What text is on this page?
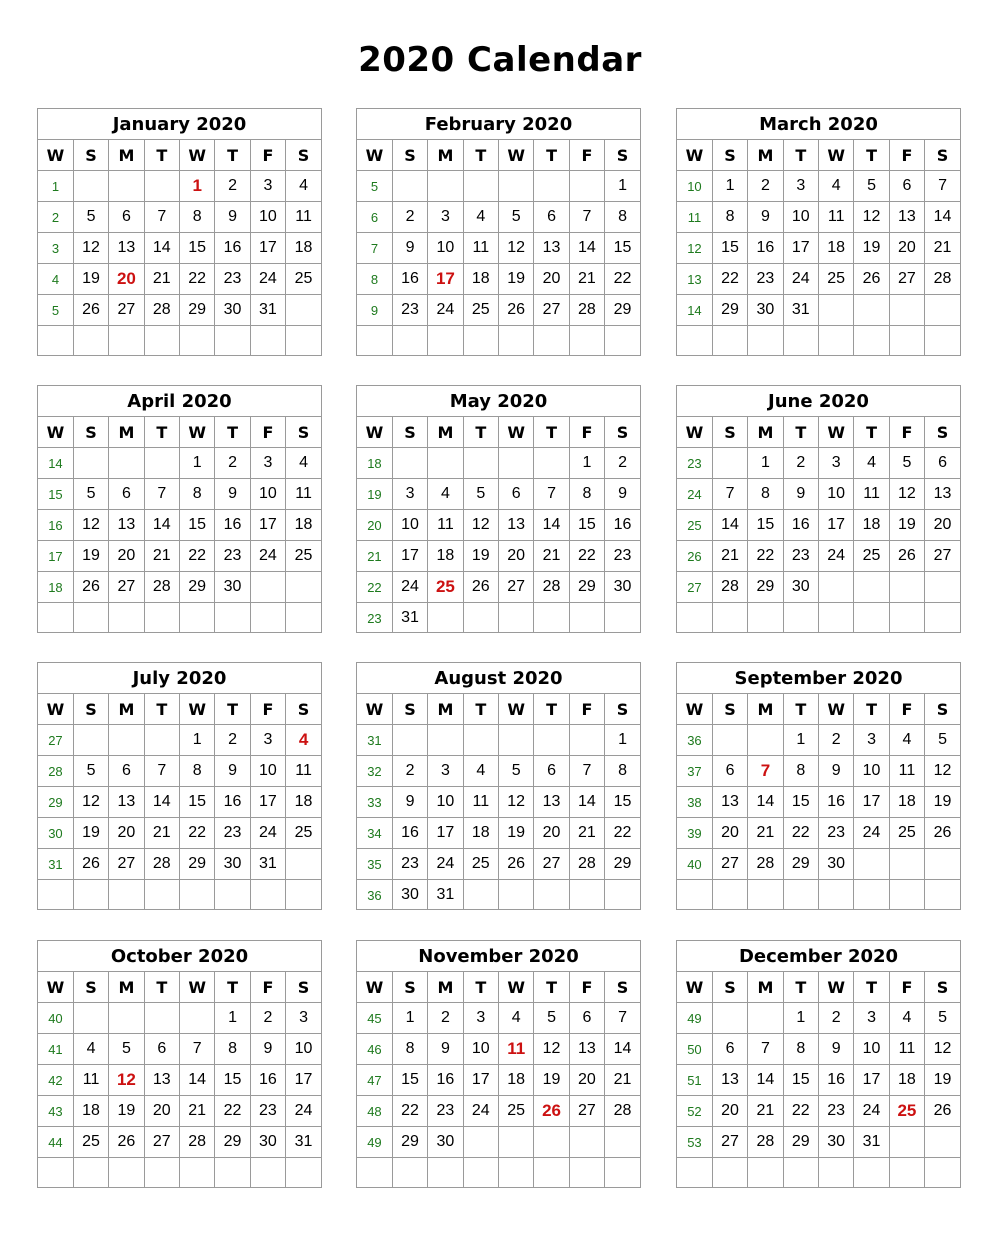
2020 Calendar
January 2020
W	S	M	T	W	T	F	S
1				1	2	3	4
2	5	6	7	8	9	10	11
3	12	13	14	15	16	17	18
4	19	20	21	22	23	24	25
5	26	27	28	29	30	31	

February 2020
W	S	M	T	W	T	F	S
5							1
6	2	3	4	5	6	7	8
7	9	10	11	12	13	14	15
8	16	17	18	19	20	21	22
9	23	24	25	26	27	28	29

March 2020
W	S	M	T	W	T	F	S
10	1	2	3	4	5	6	7
11	8	9	10	11	12	13	14
12	15	16	17	18	19	20	21
13	22	23	24	25	26	27	28
14	29	30	31				

April 2020
W	S	M	T	W	T	F	S
14				1	2	3	4
15	5	6	7	8	9	10	11
16	12	13	14	15	16	17	18
17	19	20	21	22	23	24	25
18	26	27	28	29	30		

May 2020
W	S	M	T	W	T	F	S
18						1	2
19	3	4	5	6	7	8	9
20	10	11	12	13	14	15	16
21	17	18	19	20	21	22	23
22	24	25	26	27	28	29	30
23	31						
June 2020
W	S	M	T	W	T	F	S
23		1	2	3	4	5	6
24	7	8	9	10	11	12	13
25	14	15	16	17	18	19	20
26	21	22	23	24	25	26	27
27	28	29	30				

July 2020
W	S	M	T	W	T	F	S
27				1	2	3	4
28	5	6	7	8	9	10	11
29	12	13	14	15	16	17	18
30	19	20	21	22	23	24	25
31	26	27	28	29	30	31	

August 2020
W	S	M	T	W	T	F	S
31							1
32	2	3	4	5	6	7	8
33	9	10	11	12	13	14	15
34	16	17	18	19	20	21	22
35	23	24	25	26	27	28	29
36	30	31					
September 2020
W	S	M	T	W	T	F	S
36			1	2	3	4	5
37	6	7	8	9	10	11	12
38	13	14	15	16	17	18	19
39	20	21	22	23	24	25	26
40	27	28	29	30			

October 2020
W	S	M	T	W	T	F	S
40					1	2	3
41	4	5	6	7	8	9	10
42	11	12	13	14	15	16	17
43	18	19	20	21	22	23	24
44	25	26	27	28	29	30	31

November 2020
W	S	M	T	W	T	F	S
45	1	2	3	4	5	6	7
46	8	9	10	11	12	13	14
47	15	16	17	18	19	20	21
48	22	23	24	25	26	27	28
49	29	30					

December 2020
W	S	M	T	W	T	F	S
49			1	2	3	4	5
50	6	7	8	9	10	11	12
51	13	14	15	16	17	18	19
52	20	21	22	23	24	25	26
53	27	28	29	30	31		
